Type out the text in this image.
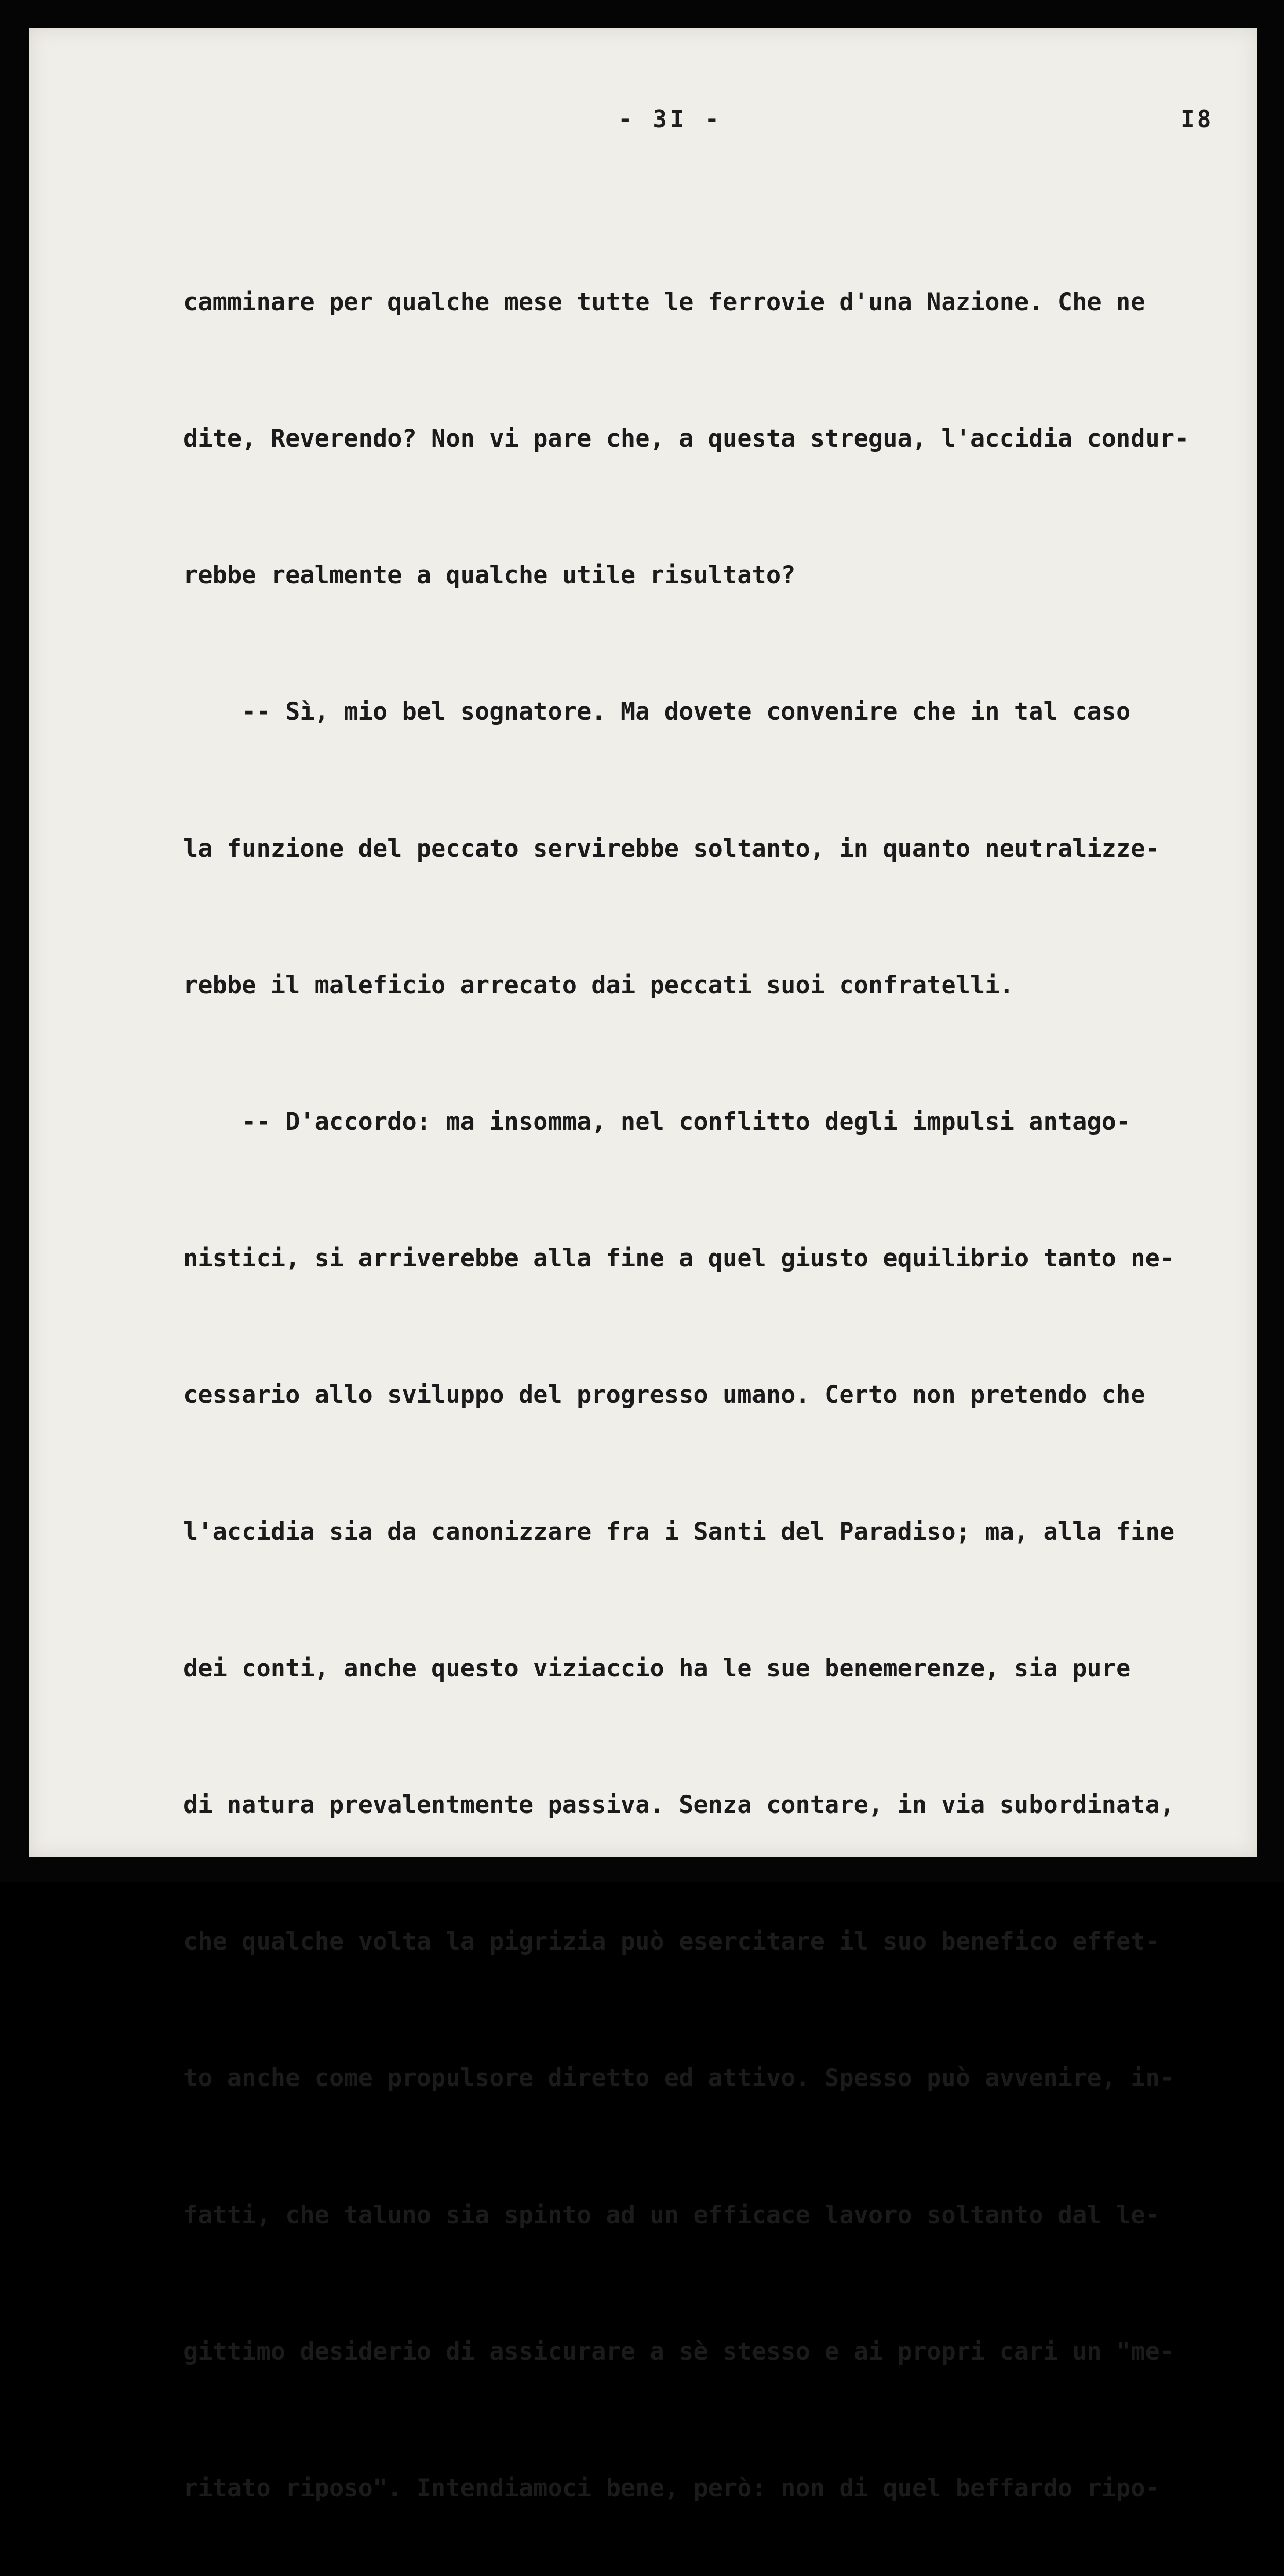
- 3I -	I8

camminare per qualche mese tutte le ferrovie d'una Nazione. Che ne

dite, Reverendo? Non vi pare che, a questa stregua, l'accidia condur-

rebbe realmente a qualche utile risultato?

-- Sì, mio bel sognatore. Ma dovete convenire che in tal caso

la funzione del peccato servirebbe soltanto, in quanto neutralizze-

rebbe il maleficio arrecato dai peccati suoi confratelli.

-- D'accordo: ma insomma, nel conflitto degli impulsi antago-

nistici, si arriverebbe alla fine a quel giusto equilibrio tanto ne-

cessario allo sviluppo del progresso umano. Certo non pretendo che

l'accidia sia da canonizzare fra i Santi del Paradiso; ma, alla fine

dei conti, anche questo viziaccio ha le sue benemerenze, sia pure

di natura prevalentmente passiva. Senza contare, in via subordinata,

che qualche volta la pigrizia può esercitare il suo benefico effet-

to anche come propulsore diretto ed attivo. Spesso può avvenire, in-

fatti, che taluno sia spinto ad un efficace lavoro soltanto dal le-

gittimo desiderio di assicurare a sè stesso e ai propri cari un "me-

ritato riposo". Intendiamoci bene, però: non di quel beffardo ripo-
